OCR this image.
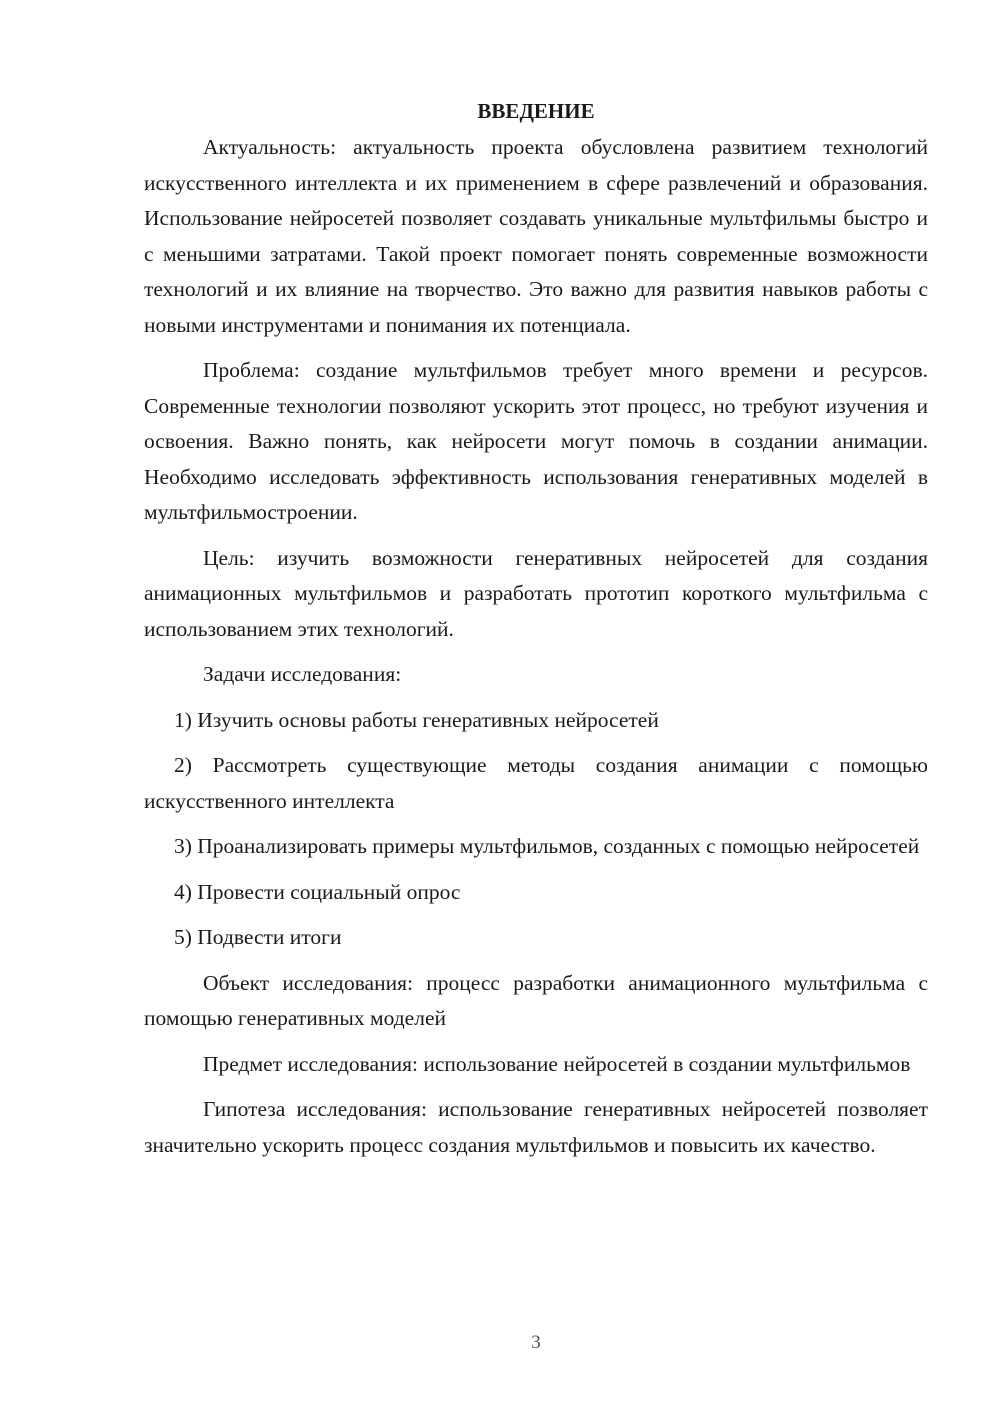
ВВЕДЕНИЕ

Актуальность: актуальность проекта обусловлена развитием технологий искусственного интеллекта и их применением в сфере развлечений и образования. Использование нейросетей позволяет создавать уникальные мультфильмы быстро и с меньшими затратами. Такой проект помогает понять современные возможности технологий и их влияние на творчество. Это важно для развития навыков работы с новыми инструментами и понимания их потенциала.

Проблема: создание мультфильмов требует много времени и ресурсов. Современные технологии позволяют ускорить этот процесс, но требуют изучения и освоения. Важно понять, как нейросети могут помочь в создании анимации. Необходимо исследовать эффективность использования генеративных моделей в мультфильмостроении.

Цель: изучить возможности генеративных нейросетей для создания анимационных мультфильмов и разработать прототип короткого мультфильма с использованием этих технологий.

Задачи исследования:

1) Изучить основы работы генеративных нейросетей

2) Рассмотреть существующие методы создания анимации с помощью искусственного интеллекта

3) Проанализировать примеры мультфильмов, созданных с помощью нейросетей

4) Провести социальный опрос

5) Подвести итоги

Объект исследования: процесс разработки анимационного мультфильма с помощью генеративных моделей

Предмет исследования: использование нейросетей в создании мультфильмов

Гипотеза исследования: использование генеративных нейросетей позволяет значительно ускорить процесс создания мультфильмов и повысить их качество.

3
